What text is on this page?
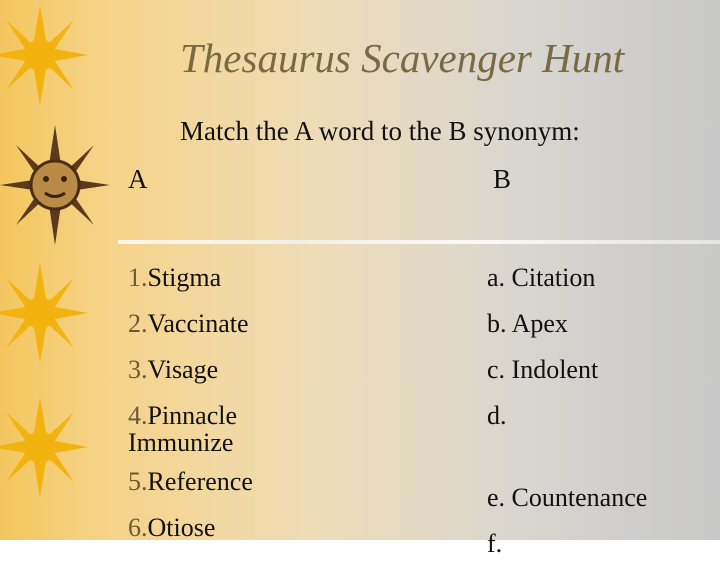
Thesaurus Scavenger Hunt
Match the A word to the B synonym:
A	B
1.Stigma
2.Vaccinate
3.Visage
4.Pinnacle
Immunize
5.Reference
6.Otiose
a. Citation
b. Apex
c. Indolent
d.
e. Countenance
f.
